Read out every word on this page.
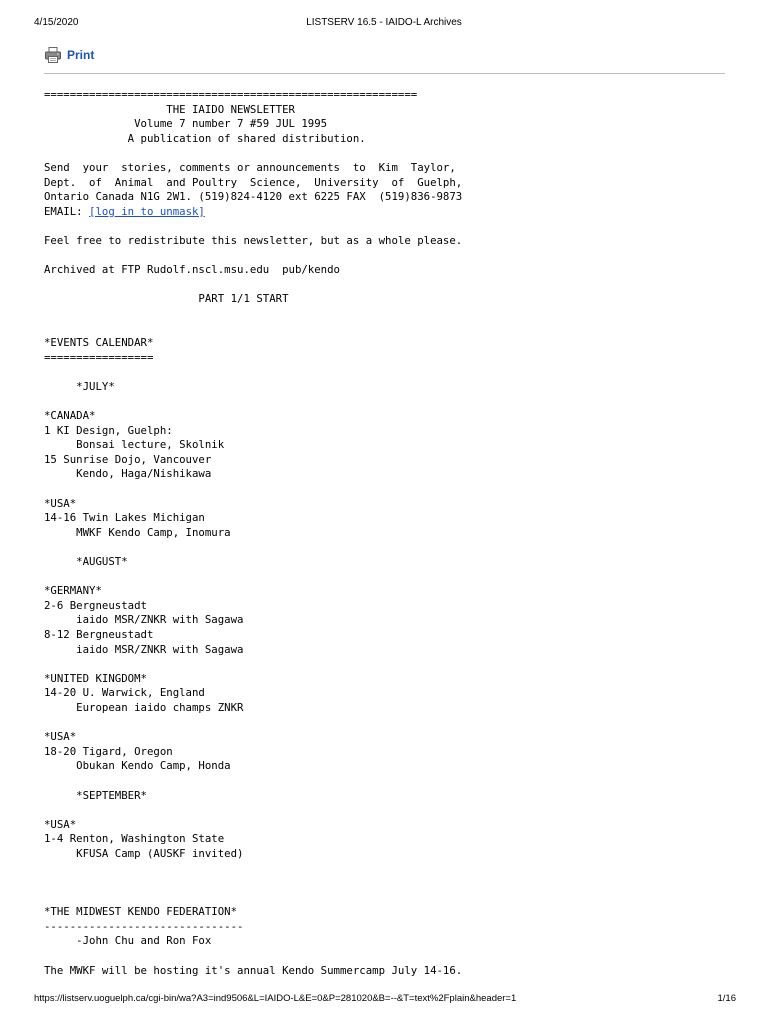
4/15/2020	LISTSERV 16.5 - IAIDO-L Archives
Print
==========================================================
THE IAIDO NEWSLETTER
Volume 7 number 7 #59 JUL 1995
A publication of shared distribution.

Send  your  stories, comments or announcements  to  Kim  Taylor,
Dept.  of  Animal  and Poultry  Science,  University  of  Guelph,
Ontario Canada N1G 2W1. (519)824-4120 ext 6225 FAX  (519)836-9873
EMAIL: [log in to unmask]

Feel free to redistribute this newsletter, but as a whole please.

Archived at FTP Rudolf.nscl.msu.edu  pub/kendo

PART 1/1 START

*EVENTS CALENDAR*
=================

*JULY*

*CANADA*
1 KI Design, Guelph:
Bonsai lecture, Skolnik
15 Sunrise Dojo, Vancouver
Kendo, Haga/Nishikawa

*USA*
14-16 Twin Lakes Michigan
MWKF Kendo Camp, Inomura

*AUGUST*

*GERMANY*
2-6 Bergneustadt
iaido MSR/ZNKR with Sagawa
8-12 Bergneustadt
iaido MSR/ZNKR with Sagawa

*UNITED KINGDOM*
14-20 U. Warwick, England
European iaido champs ZNKR

*USA*
18-20 Tigard, Oregon
Obukan Kendo Camp, Honda

*SEPTEMBER*

*USA*
1-4 Renton, Washington State
KFUSA Camp (AUSKF invited)

*THE MIDWEST KENDO FEDERATION*
-------------------------------
-John Chu and Ron Fox

The MWKF will be hosting it's annual Kendo Summercamp July 14-16.
https://listserv.uoguelph.ca/cgi-bin/wa?A3=ind9506&L=IAIDO-L&E=0&P=281020&B=--&T=text%2Fplain&header=1	1/16
